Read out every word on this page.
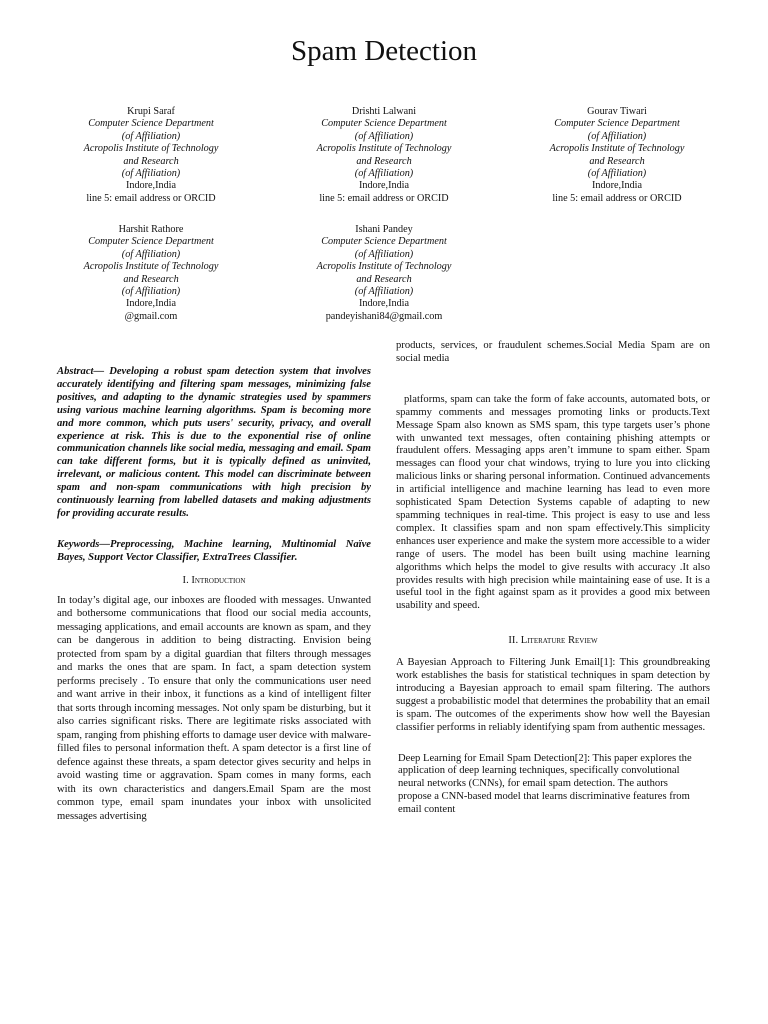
Spam Detection
Krupi Saraf
Computer Science Department
(of Affiliation)
Acropolis Institute of Technology
and Research
(of Affiliation)
Indore,India
line 5: email address or ORCID
Drishti Lalwani
Computer Science Department
(of Affiliation)
Acropolis Institute of Technology
and Research
(of Affiliation)
Indore,India
line 5: email address or ORCID
Gourav Tiwari
Computer Science Department
(of Affiliation)
Acropolis Institute of Technology
and Research
(of Affiliation)
Indore,India
line 5: email address or ORCID
Harshit Rathore
Computer Science Department
(of Affiliation)
Acropolis Institute of Technology
and Research
(of Affiliation)
Indore,India
@gmail.com
Ishani Pandey
Computer Science Department
(of Affiliation)
Acropolis Institute of Technology
and Research
(of Affiliation)
Indore,India
pandeyishani84@gmail.com

Abstract— Developing a robust spam detection system that involves accurately identifying and filtering spam messages, minimizing false positives, and adapting to the dynamic strategies used by spammers using various machine learning algorithms. Spam is becoming more and more common, which puts users' security, privacy, and overall experience at risk. This is due to the exponential rise of online communication channels like social media, messaging and email. Spam can take different forms, but it is typically defined as uninvited, irrelevant, or malicious content. This model can discriminate between spam and non-spam communications with high precision by continuously learning from labelled datasets and making adjustments for providing accurate results.

Keywords—Preprocessing, Machine learning, Multinomial Naïve Bayes, Support Vector Classifier, ExtraTrees Classifier.

I. Introduction

In today’s digital age, our inboxes are flooded with messages. Unwanted and bothersome communications that flood our social media accounts, messaging applications, and email accounts are known as spam, and they can be dangerous in addition to being distracting. Envision being protected from spam by a digital guardian that filters through messages and marks the ones that are spam. In fact, a spam detection system performs precisely . To ensure that only the communications user need and want arrive in their inbox, it functions as a kind of intelligent filter that sorts through incoming messages. Not only spam be disturbing, but it also carries significant risks. There are legitimate risks associated with spam, ranging from phishing efforts to damage user device with malware-filled files to personal information theft. A spam detector is a first line of defence against these threats, a spam detector gives security and helps in avoid wasting time or aggravation. Spam comes in many forms, each with its own characteristics and dangers.Email Spam are the most common type, email spam inundates your inbox with unsolicited messages advertising

products, services, or fraudulent schemes.Social Media Spam are on social media

platforms, spam can take the form of fake accounts, automated bots, or spammy comments and messages promoting links or products.Text Message Spam also known as SMS spam, this type targets user’s phone with unwanted text messages, often containing phishing attempts or fraudulent offers. Messaging apps aren’t immune to spam either. Spam messages can flood your chat windows, trying to lure you into clicking malicious links or sharing personal information. Continued advancements in artificial intelligence and machine learning has lead to even more sophisticated Spam Detection Systems capable of adapting to new spamming techniques in real-time. This project is easy to use and less complex. It classifies spam and non spam effectively.This simplicity enhances user experience and make the system more accessible to a wider range of users. The model has been built using machine learning algorithms which helps the model to give results with accuracy .It also provides results with high precision while maintaining ease of use. It is a useful tool in the fight against spam as it provides a good mix between usability and speed.

II. Literature Review

A Bayesian Approach to Filtering Junk Email[1]: This groundbreaking work establishes the basis for statistical techniques in spam detection by introducing a Bayesian approach to email spam filtering. The authors suggest a probabilistic model that determines the probability that an email is spam. The outcomes of the experiments show how well the Bayesian classifier performs in reliably identifying spam from authentic messages.

Deep Learning for Email Spam Detection[2]: This paper explores the application of deep learning techniques, specifically convolutional neural networks (CNNs), for email spam detection. The authors propose a CNN-based model that learns discriminative features from email content
